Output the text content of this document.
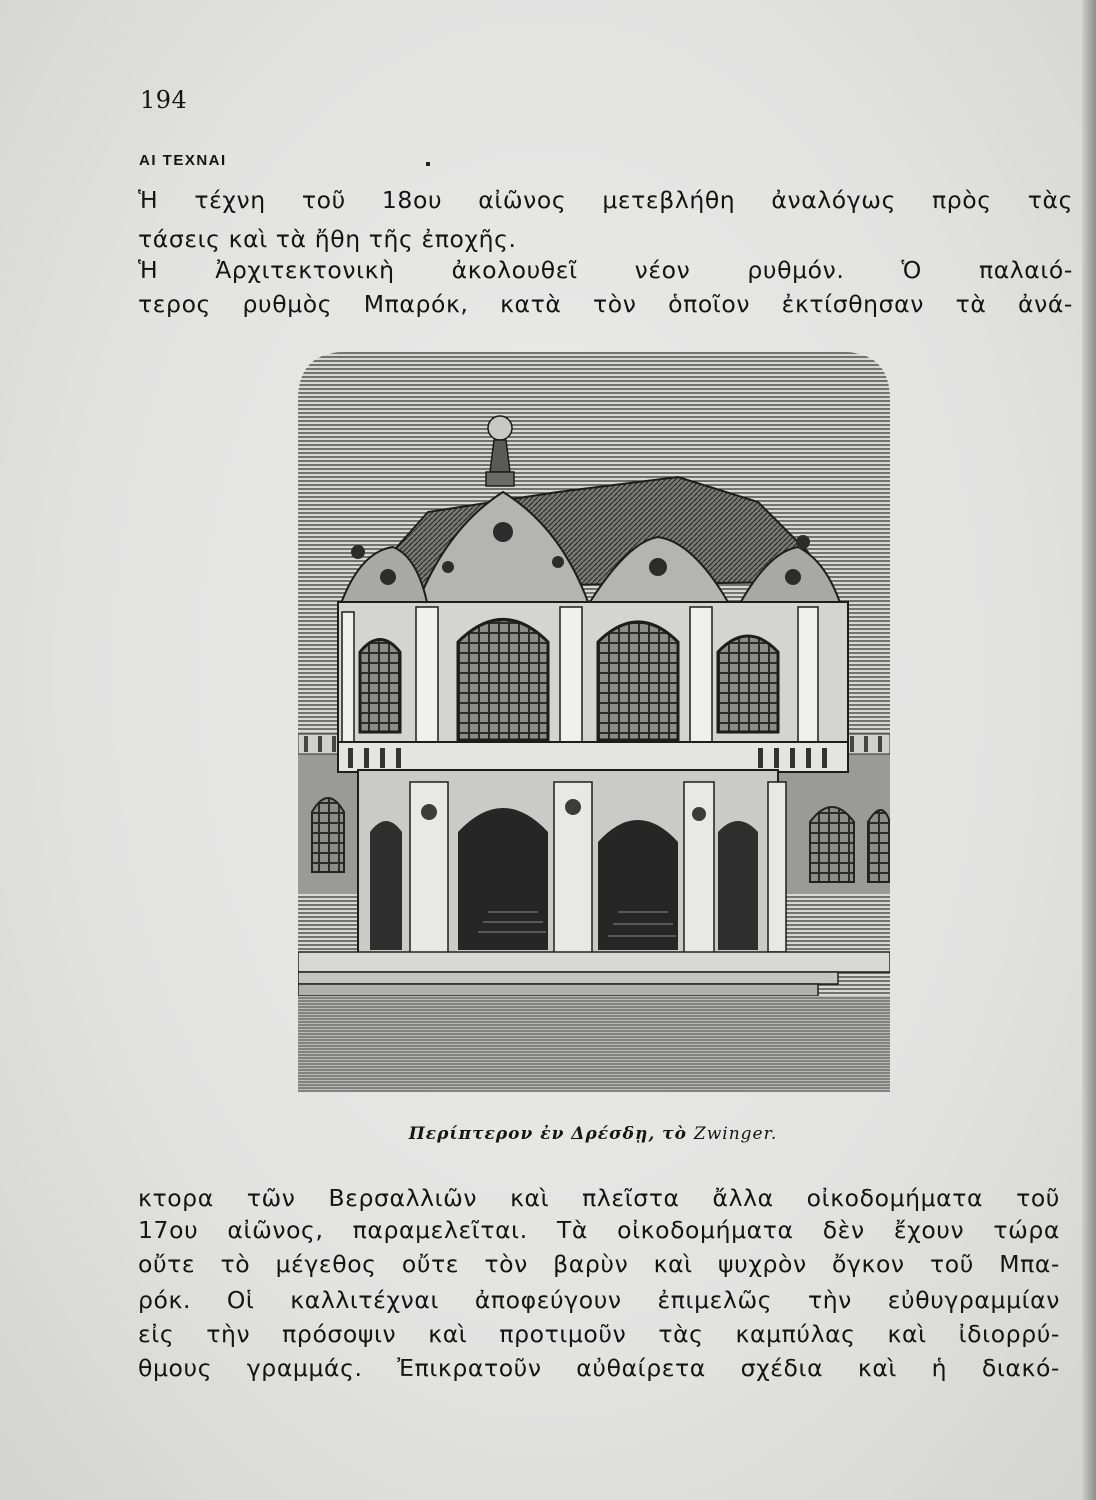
194
ΑΙ ΤΕΧΝΑΙ
Ἡ τέχνη τοῦ 18ου αἰῶνος μετεβλήθη ἀναλόγως πρὸς τὰς
τάσεις καὶ τὰ ἤθη τῆς ἐποχῆς.
Ἡ Ἀρχιτεκτονικὴ ἀκολουθεῖ νέον ρυθμόν. Ὁ παλαιό-
τερος ρυθμὸς Μπαρόκ, κατὰ τὸν ὁποῖον ἐκτίσθησαν τὰ ἀνά-
Περίπτερον ἐν Δρέσδῃ, τὸ Zwinger.
κτορα τῶν Βερσαλλιῶν καὶ πλεῖστα ἄλλα οἰκοδομήματα τοῦ
17ου αἰῶνος, παραμελεῖται. Τὰ οἰκοδομήματα δὲν ἔχουν τώρα
οὔτε τὸ μέγεθος οὔτε τὸν βαρὺν καὶ ψυχρὸν ὄγκον τοῦ Μπα-
ρόκ. Οἱ καλλιτέχναι ἀποφεύγουν ἐπιμελῶς τὴν εὐθυγραμμίαν
εἰς τὴν πρόσοψιν καὶ προτιμοῦν τὰς καμπύλας καὶ ἰδιορρύ-
θμους γραμμάς. Ἐπικρατοῦν αὐθαίρετα σχέδια καὶ ἡ διακό-
